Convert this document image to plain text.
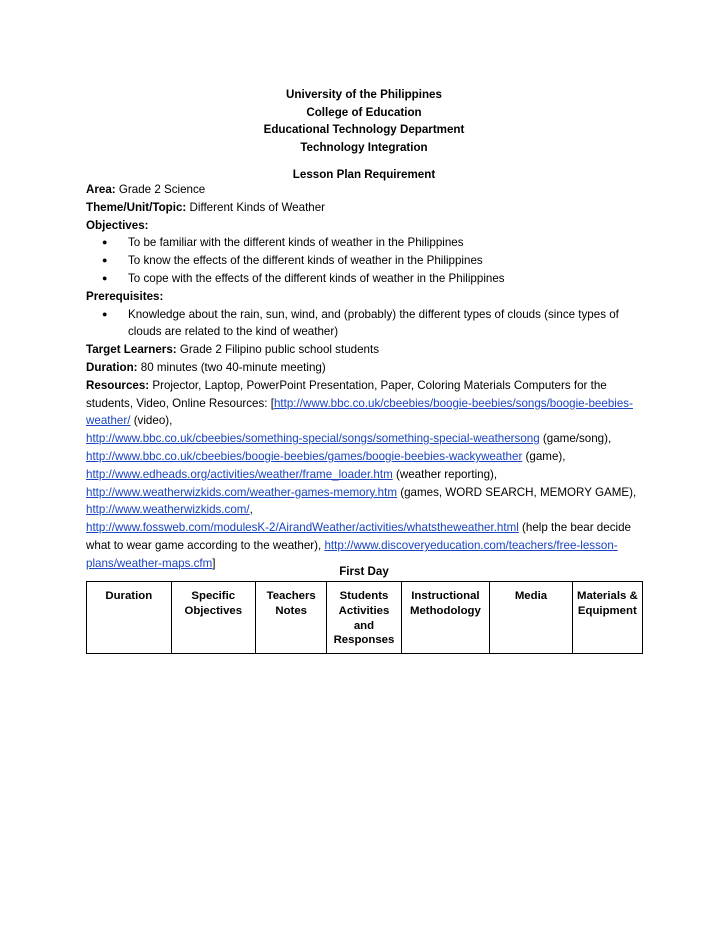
University of the Philippines
College of Education
Educational Technology Department
Technology Integration
Lesson Plan Requirement

Area: Grade 2 Science

Theme/Unit/Topic: Different Kinds of Weather

Objectives:

● To be familiar with the different kinds of weather in the Philippines
● To know the effects of the different kinds of weather in the Philippines
● To cope with the effects of the different kinds of weather in the Philippines

Prerequisites:

● Knowledge about the rain, sun, wind, and (probably) the different types of clouds (since types of clouds are related to the kind of weather)

Target Learners: Grade 2 Filipino public school students

Duration: 80 minutes (two 40-minute meeting)

Resources: Projector, Laptop, PowerPoint Presentation, Paper, Coloring Materials Computers for the students, Video, Online Resources: [http://www.bbc.co.uk/cbeebies/boogie-beebies/songs/boogie-beebies-weather/ (video),
http://www.bbc.co.uk/cbeebies/something-special/songs/something-special-weathersong (game/song),
http://www.bbc.co.uk/cbeebies/boogie-beebies/games/boogie-beebies-wackyweather (game),
http://www.edheads.org/activities/weather/frame_loader.htm (weather reporting),
http://www.weatherwizkids.com/weather-games-memory.htm (games, WORD SEARCH, MEMORY GAME),
http://www.weatherwizkids.com/,
http://www.fossweb.com/modulesK-2/AirandWeather/activities/whatstheweather.html (help the bear decide what to wear game according to the weather), http://www.discoveryeducation.com/teachers/free-lesson-plans/weather-maps.cfm]

First Day
Duration	Specific Objectives	Teachers Notes	Students Activities and Responses	Instructional Methodology	Media	Materials & Equipment
